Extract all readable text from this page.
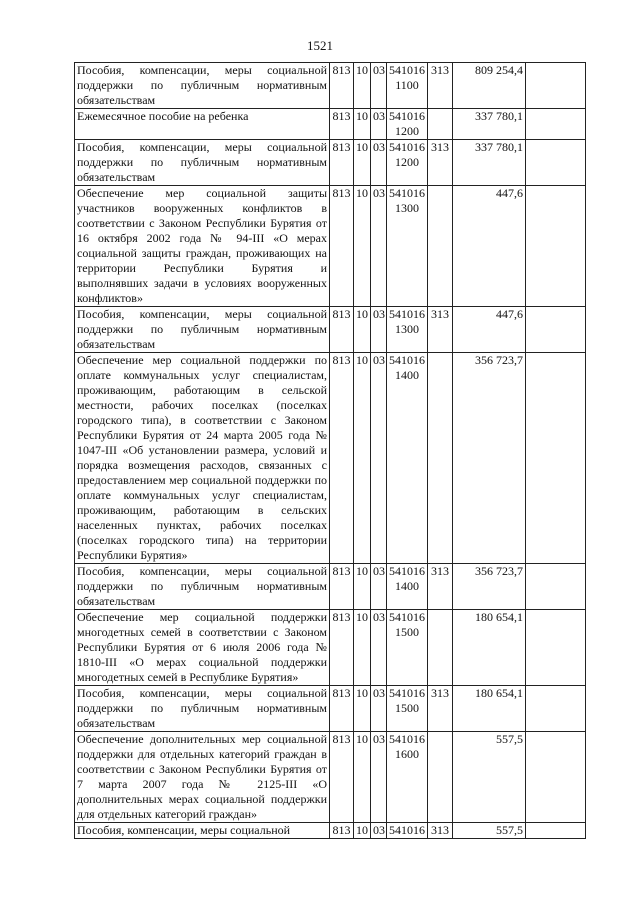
1521
Пособия, компенсации, меры социальной поддержки по публичным нормативным обязательствам	813	10	03	541016 1100	313	809 254,4	
Ежемесячное пособие на ребенка	813	10	03	541016 1200		337 780,1	
Пособия, компенсации, меры социальной поддержки по публичным нормативным обязательствам	813	10	03	541016 1200	313	337 780,1	
Обеспечение мер социальной защиты участников вооруженных конфликтов в соответствии с Законом Республики Бурятия от 16 октября 2002 года № 94-III «О мерах социальной защиты граждан, проживающих на территории Республики Бурятия и выполнявших задачи в условиях вооруженных конфликтов»	813	10	03	541016 1300		447,6	
Пособия, компенсации, меры социальной поддержки по публичным нормативным обязательствам	813	10	03	541016 1300	313	447,6	
Обеспечение мер социальной поддержки по оплате коммунальных услуг специалистам, проживающим, работающим в сельской местности, рабочих поселках (поселках городского типа), в соответствии с Законом Республики Бурятия от 24 марта 2005 года № 1047-III «Об установлении размера, условий и порядка возмещения расходов, связанных с предоставлением мер социальной поддержки по оплате коммунальных услуг специалистам, проживающим, работающим в сельских населенных пунктах, рабочих поселках (поселках городского типа) на территории Республики Бурятия»	813	10	03	541016 1400		356 723,7	
Пособия, компенсации, меры социальной поддержки по публичным нормативным обязательствам	813	10	03	541016 1400	313	356 723,7	
Обеспечение мер социальной поддержки многодетных семей в соответствии с Законом Республики Бурятия от 6 июля 2006 года № 1810-III «О мерах социальной поддержки многодетных семей в Республике Бурятия»	813	10	03	541016 1500		180 654,1	
Пособия, компенсации, меры социальной поддержки по публичным нормативным обязательствам	813	10	03	541016 1500	313	180 654,1	
Обеспечение дополнительных мер социальной поддержки для отдельных категорий граждан в соответствии с Законом Республики Бурятия от 7 марта 2007 года № 2125-III «О дополнительных мерах социальной поддержки для отдельных категорий граждан»	813	10	03	541016 1600		557,5	
Пособия, компенсации, меры социальной	813	10	03	541016	313	557,5	
